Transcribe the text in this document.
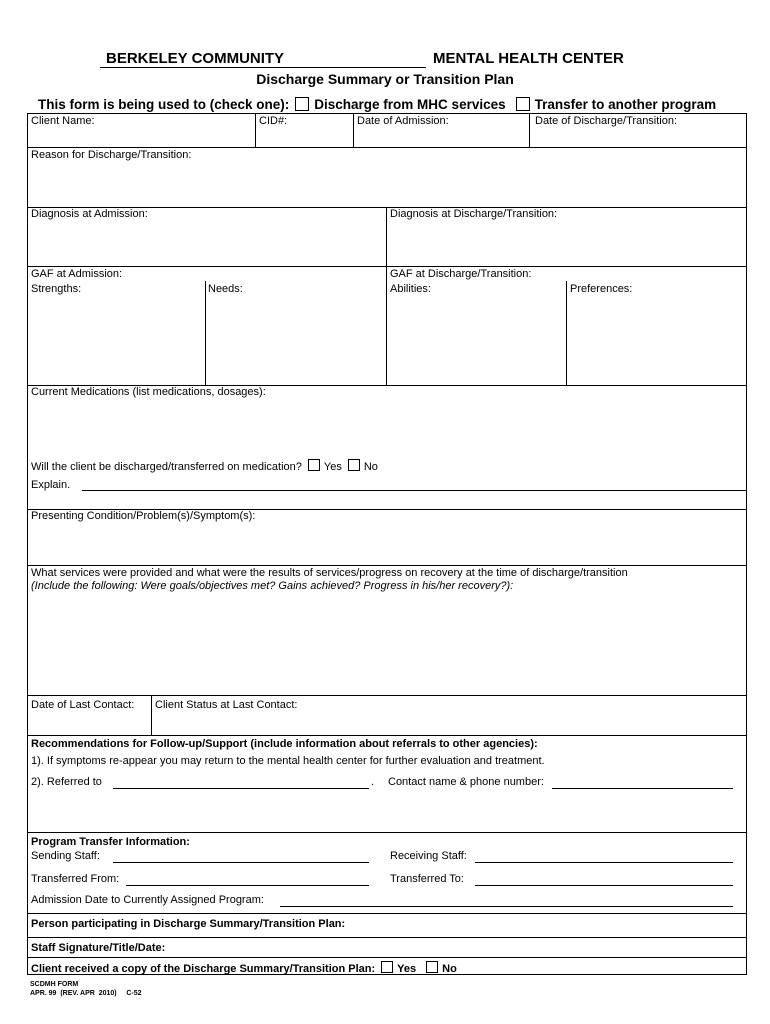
BERKELEY COMMUNITY	MENTAL HEALTH CENTER
Discharge Summary or Transition Plan
This form is being used to (check one): Discharge from MHC services Transfer to another program
Client Name:	CID#:	Date of Admission:	Date of Discharge/Transition:
Reason for Discharge/Transition:
Diagnosis at Admission:	Diagnosis at Discharge/Transition:
GAF at Admission:	GAF at Discharge/Transition:
Strengths:	Needs:	Abilities:	Preferences:
Current Medications (list medications, dosages):
Will the client be discharged/transferred on medication? Yes No
Explain.
Presenting Condition/Problem(s)/Symptom(s):
What services were provided and what were the results of services/progress on recovery at the time of discharge/transition
(Include the following: Were goals/objectives met? Gains achieved? Progress in his/her recovery?):
Date of Last Contact: Client Status at Last Contact:
Recommendations for Follow-up/Support (include information about referrals to other agencies):
1). If symptoms re-appear you may return to the mental health center for further evaluation and treatment.
2). Referred to	. Contact name & phone number:
Program Transfer Information:
Sending Staff:	Receiving Staff:
Transferred From:	Transferred To:
Admission Date to Currently Assigned Program:
Person participating in Discharge Summary/Transition Plan:
Staff Signature/Title/Date:
Client received a copy of the Discharge Summary/Transition Plan: Yes No
SCDMH FORM
APR. 99  (REV. APR  2010)     C-52
